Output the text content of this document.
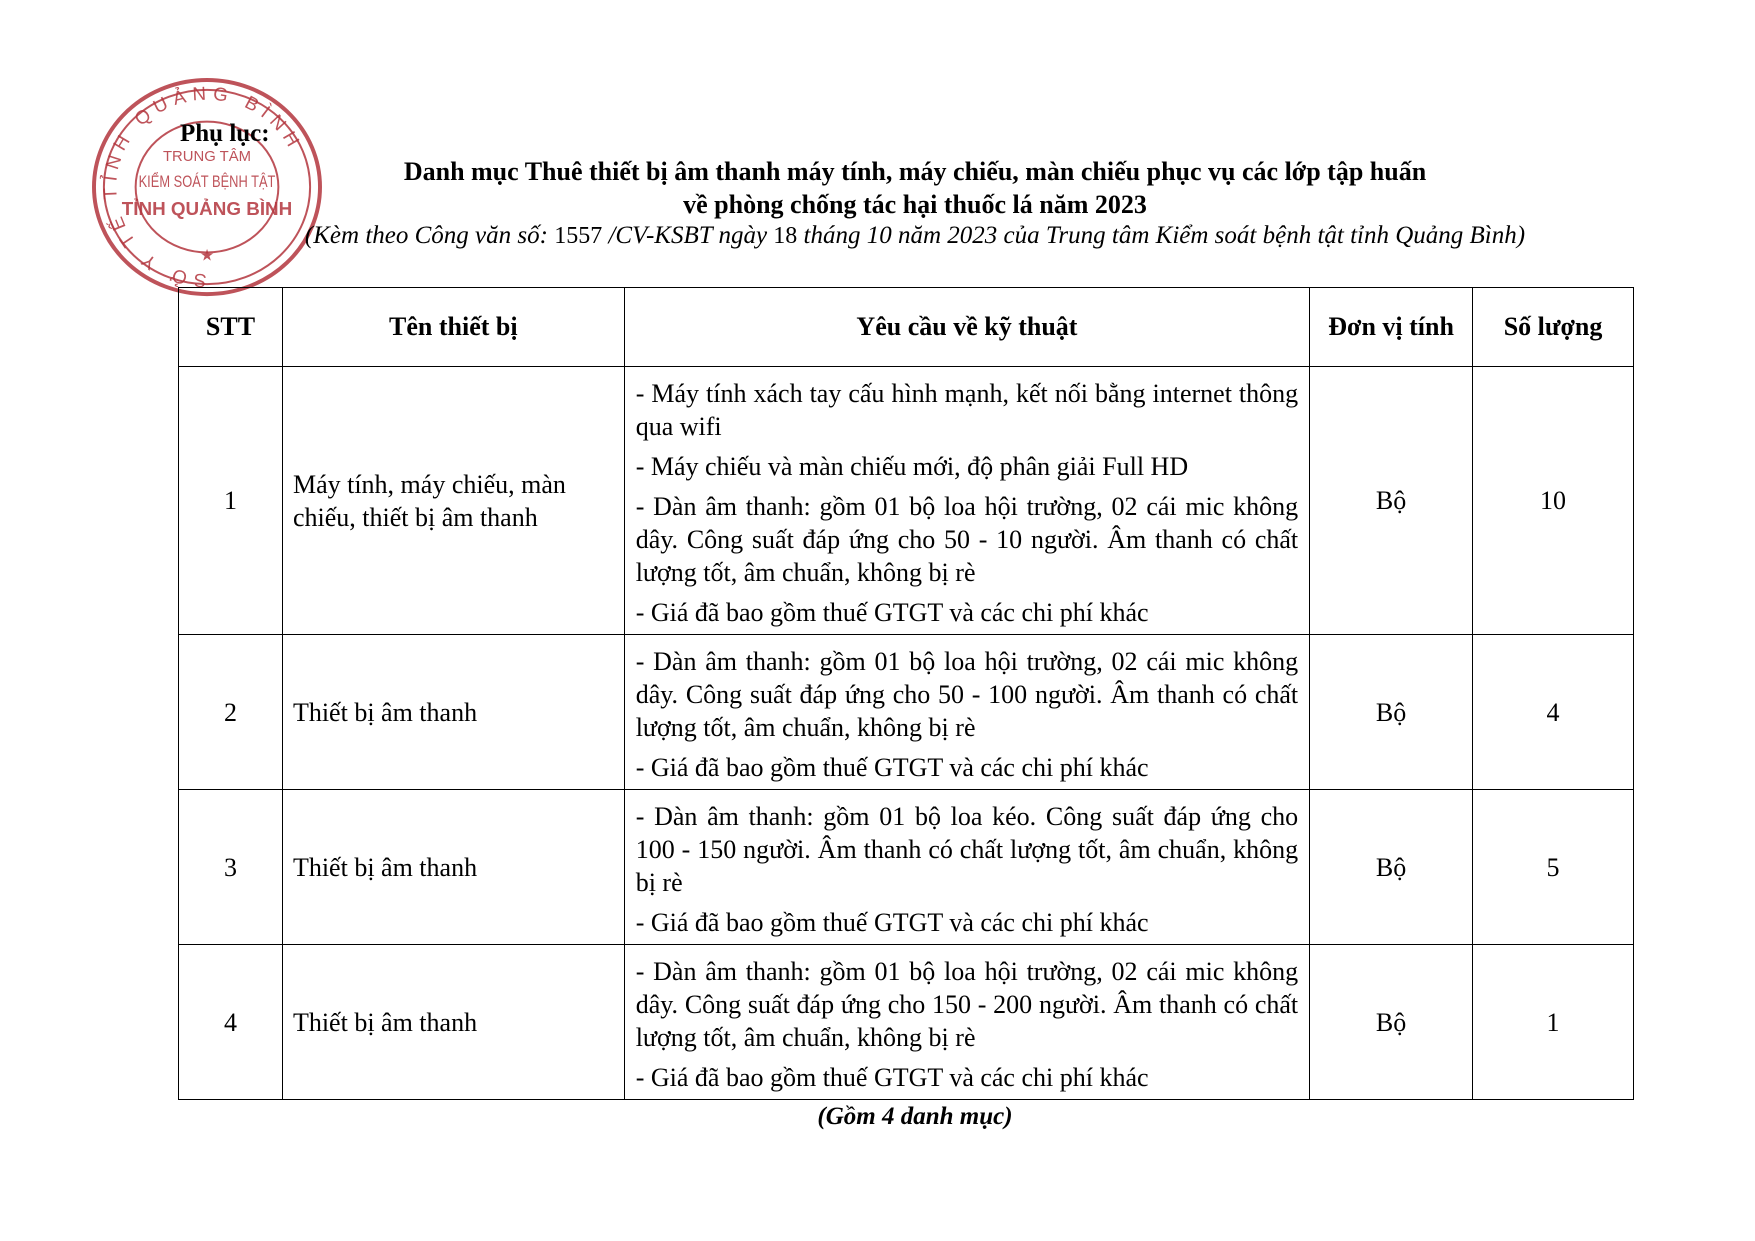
SỞ Y TẾ TỈNH QUẢNG BÌNH
TRUNG TÂM
KIỂM SOÁT BỆNH TẬT
TỈNH QUẢNG BÌNH
★
Phụ lục:
Danh mục Thuê thiết bị âm thanh máy tính, máy chiếu, màn chiếu phục vụ các lớp tập huấn
về phòng chống tác hại thuốc lá năm 2023
(Kèm theo Công văn số: 1557 /CV-KSBT ngày 18 tháng 10 năm 2023 của Trung tâm Kiểm soát bệnh tật tỉnh Quảng Bình)
STT	Tên thiết bị	Yêu cầu về kỹ thuật	Đơn vị tính	Số lượng
1	Máy tính, máy chiếu, màn chiếu, thiết bị âm thanh	- Máy tính xách tay cấu hình mạnh, kết nối bằng internet thông qua wifi

- Máy chiếu và màn chiếu mới, độ phân giải Full HD

- Dàn âm thanh: gồm 01 bộ loa hội trường, 02 cái mic không dây. Công suất đáp ứng cho 50 - 10 người. Âm thanh có chất lượng tốt, âm chuẩn, không bị rè

- Giá đã bao gồm thuế GTGT và các chi phí khác	Bộ	10
2	Thiết bị âm thanh	- Dàn âm thanh: gồm 01 bộ loa hội trường, 02 cái mic không dây. Công suất đáp ứng cho 50 - 100 người. Âm thanh có chất lượng tốt, âm chuẩn, không bị rè

- Giá đã bao gồm thuế GTGT và các chi phí khác	Bộ	4
3	Thiết bị âm thanh	- Dàn âm thanh: gồm 01 bộ loa kéo. Công suất đáp ứng cho 100 - 150 người. Âm thanh có chất lượng tốt, âm chuẩn, không bị rè

- Giá đã bao gồm thuế GTGT và các chi phí khác	Bộ	5
4	Thiết bị âm thanh	- Dàn âm thanh: gồm 01 bộ loa hội trường, 02 cái mic không dây. Công suất đáp ứng cho 150 - 200 người. Âm thanh có chất lượng tốt, âm chuẩn, không bị rè

- Giá đã bao gồm thuế GTGT và các chi phí khác	Bộ	1
(Gồm 4 danh mục)
